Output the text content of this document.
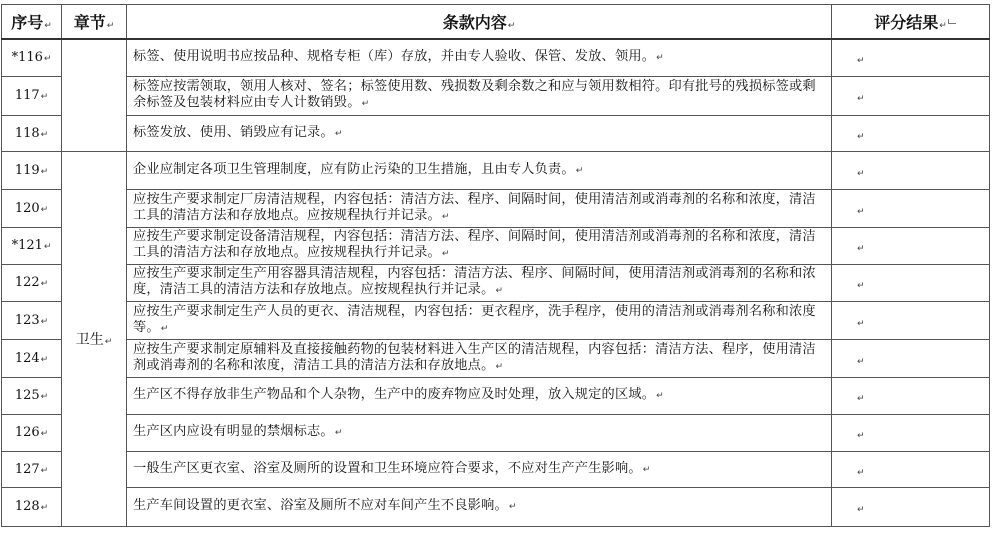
序号↵	章节↵	条款内容↵	评分结果↵
*116↵		标签、使用说明书应按品种、规格专柜（库）存放，并由专人验收、保管、发放、领用。↵	↵
117↵		标签应按需领取，领用人核对、签名；标签使用数、残损数及剩余数之和应与领用数相符。印有批号的残损标签或剩余标签及包装材料应由专人计数销毁。↵	↵
118↵		标签发放、使用、销毁应有记录。↵	↵
119↵	卫生↵	企业应制定各项卫生管理制度，应有防止污染的卫生措施，且由专人负责。↵	↵
120↵		应按生产要求制定厂房清洁规程，内容包括：清洁方法、程序、间隔时间，使用清洁剂或消毒剂的名称和浓度，清洁工具的清洁方法和存放地点。应按规程执行并记录。↵	↵
*121↵		应按生产要求制定设备清洁规程，内容包括：清洁方法、程序、间隔时间，使用清洁剂或消毒剂的名称和浓度，清洁工具的清洁方法和存放地点。应按规程执行并记录。↵	↵
122↵		应按生产要求制定生产用容器具清洁规程，内容包括：清洁方法、程序、间隔时间，使用清洁剂或消毒剂的名称和浓度，清洁工具的清洁方法和存放地点。应按规程执行并记录。↵	↵
123↵		应按生产要求制定生产人员的更衣、清洁规程，内容包括：更衣程序，洗手程序，使用的清洁剂或消毒剂名称和浓度等。↵	↵
124↵		应按生产要求制定原辅料及直接接触药物的包装材料进入生产区的清洁规程，内容包括：清洁方法、程序，使用清洁剂或消毒剂的名称和浓度，清洁工具的清洁方法和存放地点。↵	↵
125↵		生产区不得存放非生产物品和个人杂物，生产中的废弃物应及时处理，放入规定的区域。↵	↵
126↵		生产区内应设有明显的禁烟标志。↵	↵
127↵		一般生产区更衣室、浴室及厕所的设置和卫生环境应符合要求，不应对生产产生影响。↵	↵
128↵		生产车间设置的更衣室、浴室及厕所不应对车间产生不良影响。↵	↵
